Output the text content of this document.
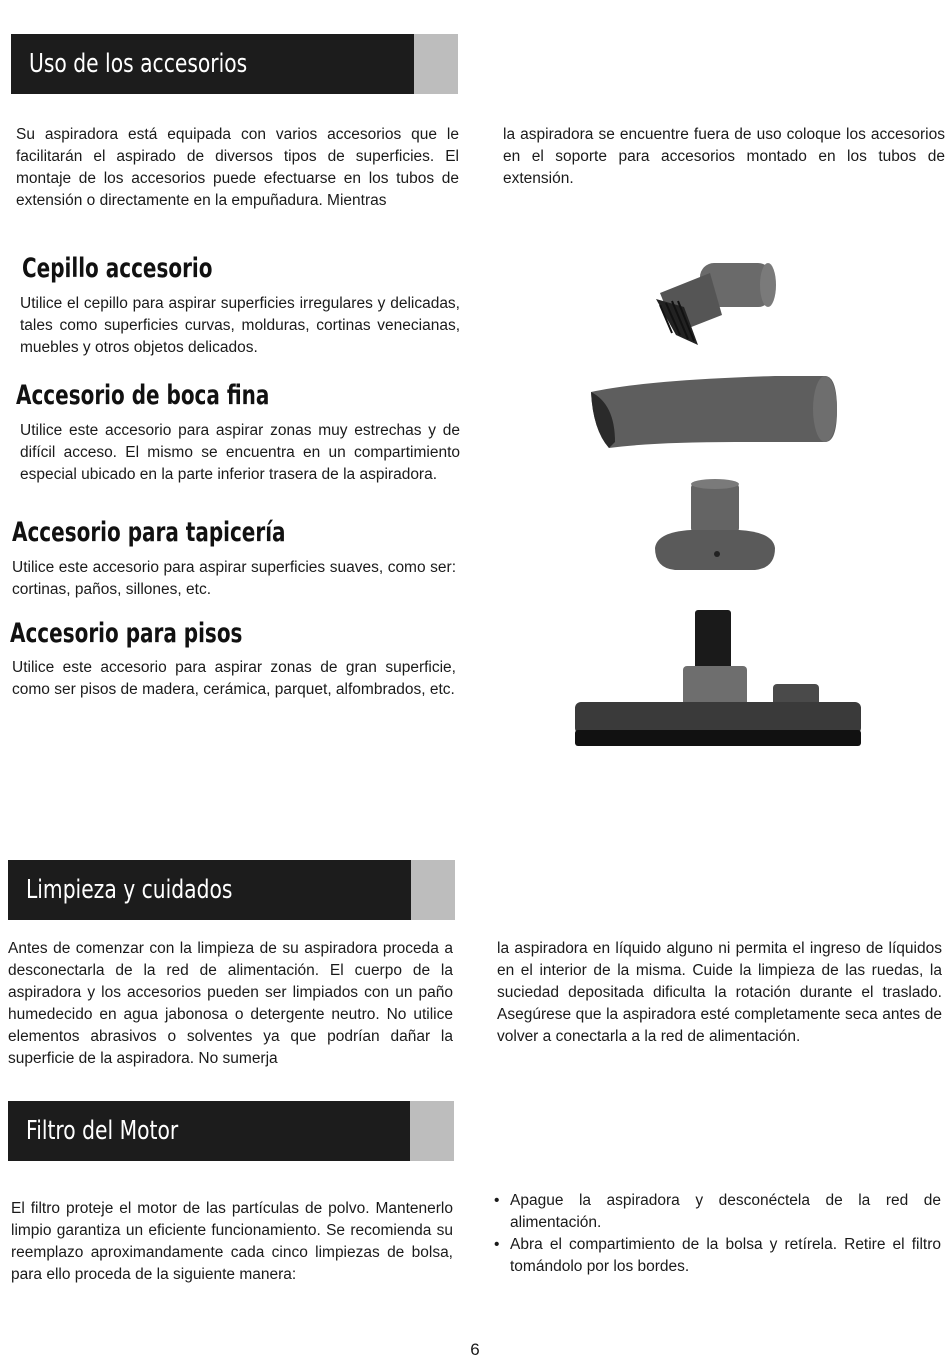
Uso de los accesorios

Su aspiradora está equipada con varios accesorios que le facilitarán el aspirado de diversos tipos de superficies. El montaje de los accesorios puede efectuarse en los tubos de extensión o directamente en la empuñadura. Mientras

la aspiradora se encuentre fuera de uso coloque los accesorios en el soporte para accesorios montado en los tubos de extensión.

Cepillo accesorio

Utilice el cepillo para aspirar superficies irregulares y delicadas, tales como superficies curvas, molduras, cortinas venecianas, muebles y otros objetos delicados.

Accesorio de boca fina

Utilice este accesorio para aspirar zonas muy estrechas y de difícil acceso. El mismo se encuentra en un compartimiento especial ubicado en la parte inferior trasera de la aspiradora.

Accesorio para tapicería

Utilice este accesorio para aspirar superficies suaves, como ser: cortinas, paños, sillones, etc.

Accesorio para pisos

Utilice este accesorio para aspirar zonas de gran superficie, como ser pisos de madera, cerámica, parquet, alfombrados, etc.

Limpieza y cuidados

Antes de comenzar con la limpieza de su aspiradora proceda a desconectarla de la red de alimentación. El cuerpo de la aspiradora y los accesorios pueden ser limpiados con un paño humedecido en agua jabonosa o detergente neutro. No utilice elementos abrasivos o solventes ya que podrían dañar la superficie de la aspiradora. No sumerja

la aspiradora en líquido alguno ni permita el ingreso de líquidos en el interior de la misma. Cuide la limpieza de las ruedas, la suciedad depositada dificulta la rotación durante el traslado. Asegúrese que la aspiradora esté completamente seca antes de volver a conectarla a la red de alimentación.

Filtro del Motor

El filtro proteje el motor de las partículas de polvo. Mantenerlo limpio garantiza un eficiente funcionamiento. Se recomienda su reemplazo aproximandamente cada cinco limpiezas de bolsa, para ello proceda de la siguiente manera:

• Apague la aspiradora y desconéctela de la red de alimentación.
• Abra el compartimiento de la bolsa y retírela. Retire el filtro tomándolo por los bordes.
6
